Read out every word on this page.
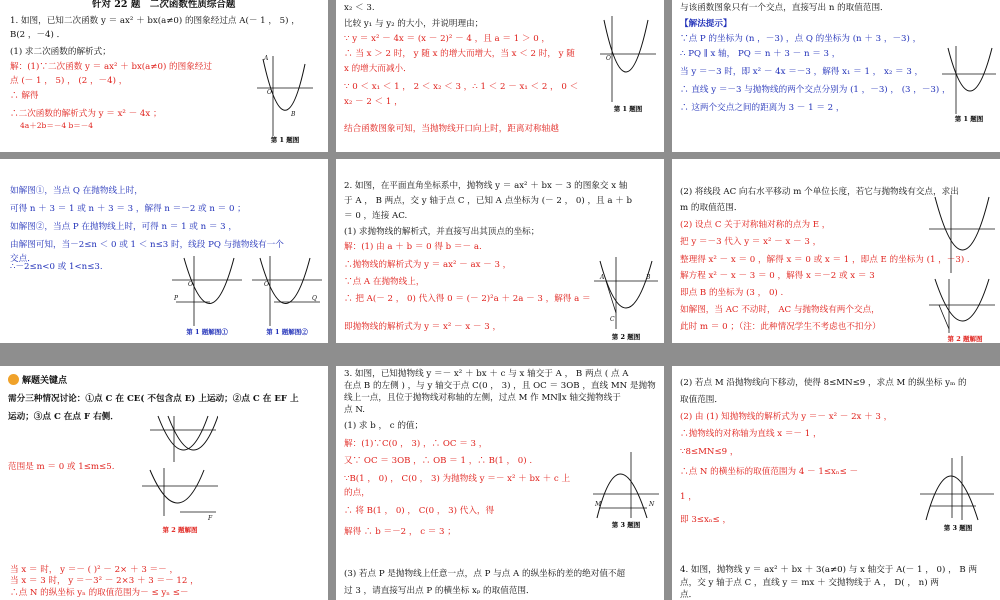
针对 22 题　二次函数性质综合题

1. 如图，已知二次函数 y ＝ ax² ＋ bx(a≠0) 的图象经过点 A(－ 1 ， 5) ，

B(2 ，－4) ．

(1) 求二次函数的解析式；

解：(1)∵二次函数 y ＝ ax² ＋ bx(a≠0) 的图象经过

点 (－ 1 ， 5) ， (2 ，－4) ，

∴ 解得

∴二次函数的解析式为 y ＝ x² － 4x ；

4a＋2b＝－4 b＝－4

A
B
O
第 1 题图

x₂ ＜ 3.

比较 y₁ 与 y₂ 的大小，并说明理由；

∵ y ＝ x² － 4x ＝ (x － 2)² － 4 ，且 a ＝ 1 ＞ 0 ，

∴ 当 x ＞ 2 时， y 随 x 的增大而增大，当 x ＜ 2 时， y 随

x 的增大而减小．

∵ 0 ＜ x₁ ＜ 1 ， 2 ＜ x₂ ＜ 3 ，∴ 1 ＜ 2 － x₁ ＜ 2 ， 0 ＜

x₂ － 2 ＜ 1 ，

结合函数图象可知，当抛物线开口向上时，距离对称轴越

O
第 1 题图

与该函数图象只有一个交点，直接写出 n 的取值范围．

【解法提示】

∵点 P 的坐标为 (n ，－3) ，点 Q 的坐标为 (n ＋ 3 ，－3) ，

∴ PQ ∥ x 轴， PQ ＝ n ＋ 3 － n ＝ 3 ，

当 y ＝－3 时，即 x² － 4x ＝－3 ，解得 x₁ ＝ 1 ， x₂ ＝ 3 ，

∴ 直线 y ＝－3 与抛物线的两个交点分别为 (1 ，－3) ， (3 ，－3) ，

∴ 这两个交点之间的距离为 3 － 1 ＝ 2 ，

第 1 题图

如解图①，当点 Q 在抛物线上时，

可得 n ＋ 3 ＝ 1 或 n ＋ 3 ＝ 3 ，解得 n ＝－2 或 n ＝ 0 ；

如解图②，当点 P 在抛物线上时，可得 n ＝ 1 或 n ＝ 3 ，

由解图可知，当－2≤n ＜ 0 或 1 ＜ n≤3 时，线段 PQ 与抛物线有一个

交点．

∴－2≤n<0 或 1<n≤3.

P
O
第 1 题解图①
Q
O
第 1 题解图②

2. 如图，在平面直角坐标系中，抛物线 y ＝ ax² ＋ bx － 3 的图象交 x 轴

于 A ， B 两点，交 y 轴于点 C ，已知 A 点坐标为 (－ 2 ， 0) ，且 a ＋ b

＝ 0 ，连接 AC.

(1) 求抛物线的解析式，并直接写出其顶点的坐标；

解：(1) 由 a ＋ b ＝ 0 得 b ＝－ a.

∴抛物线的解析式为 y ＝ ax² － ax － 3 ，

∵点 A 在抛物线上，

∴ 把 A(－ 2 ， 0) 代入得 0 ＝ (－ 2)²a ＋ 2a － 3 ，解得 a ＝

即抛物线的解析式为 y ＝ x² － x － 3 ，

A	B
C
第 2 题图

(2) 将线段 AC 向右水平移动 m 个单位长度，若它与抛物线有交点，求出

m 的取值范围．

(2) 设点 C 关于对称轴对称的点为 E ，

把 y ＝－3 代入 y ＝ x² － x － 3 ，

整理得 x² － x ＝ 0 ，解得 x ＝ 0 或 x ＝ 1 ，即点 E 的坐标为 (1 ，－3) .

解方程 x² － x － 3 ＝ 0 ，解得 x ＝－2 或 x ＝ 3

即点 B 的坐标为 (3 ， 0) .

如解图，当 AC 不动时， AC 与抛物线有两个交点，

此时 m ＝ 0 ；（注：此种情况学生不考虑也不扣分）

第 2 题解图

解题关键点

需分三种情况讨论：①点 C 在 CE( 不包含点 E) 上运动；②点 C 在 EF 上

运动；③点 C 在点 F 右侧．

范围是 m ＝ 0 或 1≤m≤5.

F
第 2 题解图

3. 如图，已知抛物线 y ＝－ x² ＋ bx ＋ c 与 x 轴交于 A ， B 两点 ( 点 A

在点 B 的左侧 ) ，与 y 轴交于点 C(0 ， 3) ，且 OC ＝ 3OB ，直线 MN 是抛物

线上一点，且位于抛物线对称轴的左侧，过点 M 作 MN∥x 轴交抛物线于

点 N.

(1) 求 b ， c 的值；

解：(1)∵C(0 ， 3) ，∴ OC ＝ 3 ，

又∵ OC ＝ 3OB ，∴ OB ＝ 1 ，∴ B(1 ， 0) .

∵B(1 ， 0) ， C(0 ， 3) 为抛物线 y ＝－ x² ＋ bx ＋ c 上

的点，

∴ 将 B(1 ， 0) ， C(0 ， 3) 代入，得

解得 ∴ b ＝－2 ， c ＝ 3 ；

M	N
第 3 题图

(2) 若点 M 沿抛物线向下移动，使得 8≤MN≤9 ，求点 M 的纵坐标 yₘ 的

取值范围．

(2) 由 (1) 知抛物线的解析式为 y ＝－ x² － 2x ＋ 3 ，

∴抛物线的对称轴为直线 x ＝－ 1 ，

∵8≤MN≤9 ，

∴点 N 的横坐标的取值范围为 4 － 1≤xₙ≤ －

1 ，

即 3≤xₙ≤ ，

第 3 题图

当 x ＝ 时， y ＝－ ( )² － 2× ＋ 3 ＝－ ，

当 x ＝ 3 时， y ＝－3² － 2×3 ＋ 3 ＝－ 12 ，

∴点 N 的纵坐标 yₙ 的取值范围为－ ≤ yₙ ≤－

(3) 若点 P 是抛物线上任意一点，点 P 与点 A 的纵坐标的差的绝对值不超

过 3 ，请直接写出点 P 的横坐标 xₚ 的取值范围．

4. 如图，抛物线 y ＝ ax² ＋ bx ＋ 3(a≠0) 与 x 轴交于 A(－ 1 ， 0) ， B 两

点，交 y 轴于点 C ，直线 y ＝ mx ＋ 交抛物线于 A ， D( ， n) 两

点．
